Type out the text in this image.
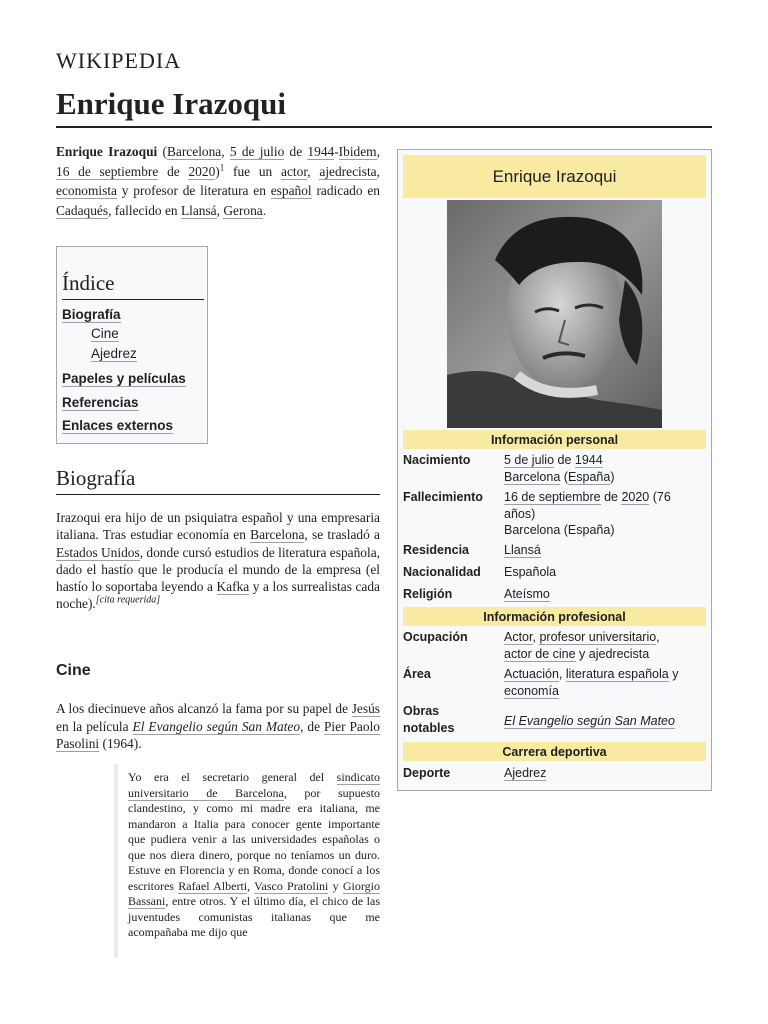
WIKIPEDIA
Enrique Irazoqui

Enrique Irazoqui (Barcelona, 5 de julio de 1944-Ibidem, 16 de septiembre de 2020)$^1$ fue un actor, ajedrecista, economista y profesor de literatura en español radicado en Cadaqués, fallecido en Llansá, Gerona.

Índice
Biografía
Cine
Ajedrez
Papeles y películas
Referencias
Enlaces externos
Biografía

Irazoqui era hijo de un psiquiatra español y una empresaria italiana. Tras estudiar economía en Barcelona, se trasladó a Estados Unidos, donde cursó estudios de literatura española, dado el hastío que le producía el mundo de la empresa (el hastío lo soportaba leyendo a Kafka y a los surrealistas cada noche).[cita requerida]

Cine

A los diecinueve años alcanzó la fama por su papel de Jesús en la película El Evangelio según San Mateo, de Pier Paolo Pasolini (1964).

Yo era el secretario general del sindicato universitario de Barcelona, por supuesto clandestino, y como mi madre era italiana, me mandaron a Italia para conocer gente importante que pudiera venir a las universidades españolas o que nos diera dinero, porque no teníamos un duro. Estuve en Florencia y en Roma, donde conocí a los escritores Rafael Alberti, Vasco Pratolini y Giorgio Bassani, entre otros. Y el último día, el chico de las juventudes comunistas italianas que me acompañaba me dijo que

Enrique Irazoqui
Información personal
Nacimiento	5 de julio de 1944
Barcelona (España)
Fallecimiento	16 de septiembre de 2020 (76 años)
Barcelona (España)
Residencia	Llansá
Nacionalidad	Española
Religión	Ateísmo
Información profesional
Ocupación	Actor, profesor universitario,
actor de cine y ajedrecista
Área	Actuación, literatura española y
economía
Obras
notables	El Evangelio según San Mateo
Carrera deportiva
Deporte	Ajedrez
